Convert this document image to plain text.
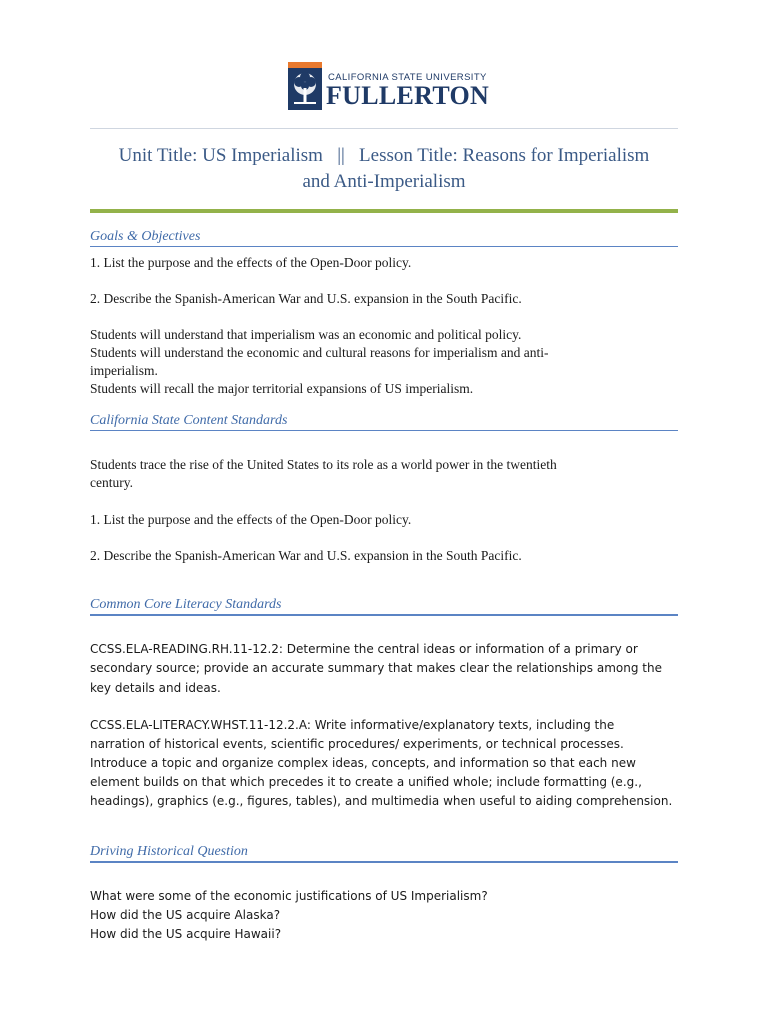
CALIFORNIA STATE UNIVERSITY
FULLERTON
Unit Title: US Imperialism   ||   Lesson Title: Reasons for Imperialism
and Anti-Imperialism
Goals & Objectives
1. List the purpose and the effects of the Open-Door policy.
2. Describe the Spanish-American War and U.S. expansion in the South Pacific.
Students will understand that imperialism was an economic and political policy.
Students will understand the economic and cultural reasons for imperialism and anti-
imperialism.
Students will recall the major territorial expansions of US imperialism.
California State Content Standards
Students trace the rise of the United States to its role as a world power in the twentieth
century.
1. List the purpose and the effects of the Open-Door policy.
2. Describe the Spanish-American War and U.S. expansion in the South Pacific.
Common Core Literacy Standards
CCSS.ELA-READING.RH.11-12.2: Determine the central ideas or information of a primary or
secondary source; provide an accurate summary that makes clear the relationships among the
key details and ideas.
CCSS.ELA-LITERACY.WHST.11-12.2.A: Write informative/explanatory texts, including the
narration of historical events, scientific procedures/ experiments, or technical processes.
Introduce a topic and organize complex ideas, concepts, and information so that each new
element builds on that which precedes it to create a unified whole; include formatting (e.g.,
headings), graphics (e.g., figures, tables), and multimedia when useful to aiding comprehension.
Driving Historical Question
What were some of the economic justifications of US Imperialism?
How did the US acquire Alaska?
How did the US acquire Hawaii?
